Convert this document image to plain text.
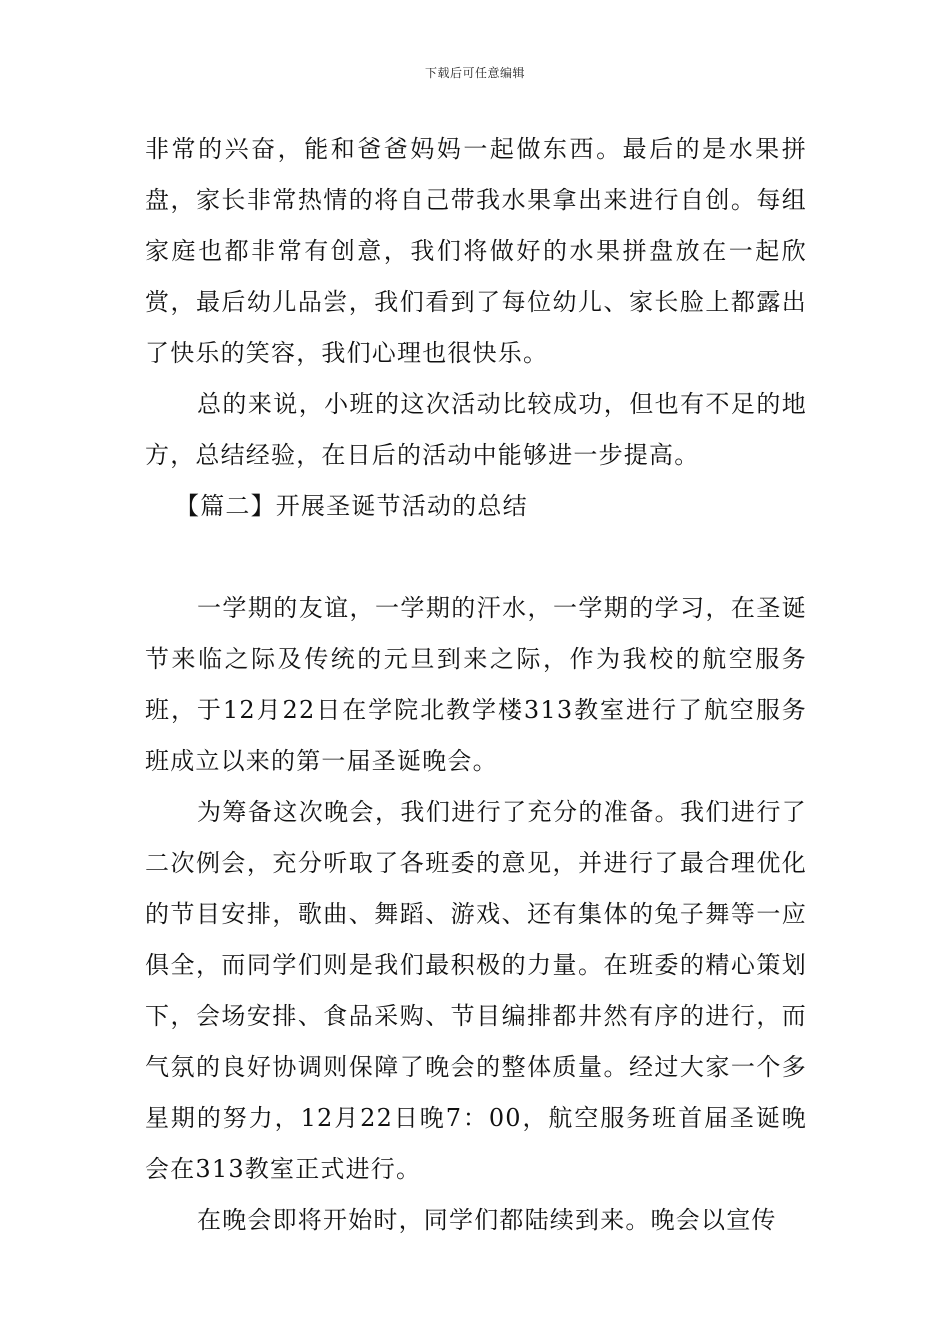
下载后可任意编辑

非常的兴奋，能和爸爸妈妈一起做东西。最后的是水果拼盘，家长非常热情的将自己带我水果拿出来进行自创。每组家庭也都非常有创意，我们将做好的水果拼盘放在一起欣赏，最后幼儿品尝，我们看到了每位幼儿、家长脸上都露出了快乐的笑容，我们心理也很快乐。

总的来说，小班的这次活动比较成功，但也有不足的地方，总结经验，在日后的活动中能够进一步提高。

【篇二】开展圣诞节活动的总结

一学期的友谊，一学期的汗水，一学期的学习，在圣诞节来临之际及传统的元旦到来之际，作为我校的航空服务班，于12月22日在学院北教学楼313教室进行了航空服务班成立以来的第一届圣诞晚会。

为筹备这次晚会，我们进行了充分的准备。我们进行了二次例会，充分听取了各班委的意见，并进行了最合理优化的节目安排，歌曲、舞蹈、游戏、还有集体的兔子舞等一应俱全，而同学们则是我们最积极的力量。在班委的精心策划下，会场安排、食品采购、节目编排都井然有序的进行，而气氛的良好协调则保障了晚会的整体质量。经过大家一个多星期的努力，12月22日晚7：00，航空服务班首届圣诞晚会在313教室正式进行。

在晚会即将开始时，同学们都陆续到来。晚会以宣传
